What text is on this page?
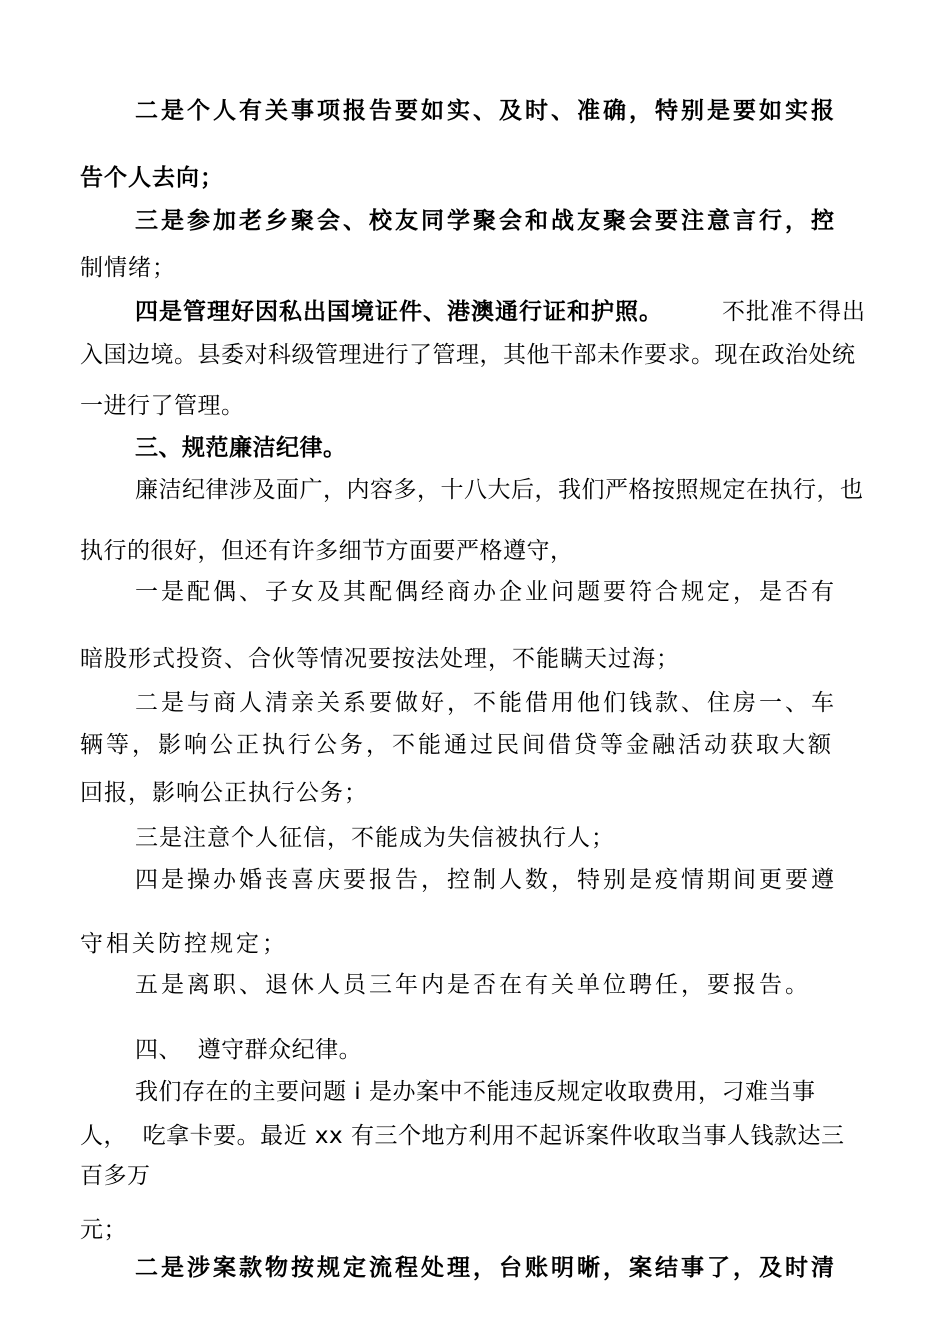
二是个人有关事项报告要如实、及时、准确，特别是要如实报

告个人去向；

三是参加老乡聚会、校友同学聚会和战友聚会要注意言行，控

制情绪；

四是管理好因私出国境证件、港澳通行证和护照。	不批准不得出

入国边境。县委对科级管理进行了管理，其他干部未作要求。现在政治处统

一进行了管理。

三、规范廉洁纪律。

廉洁纪律涉及面广，内容多，十八大后，我们严格按照规定在执行，也

执行的很好，但还有许多细节方面要严格遵守，

一是配偶、子女及其配偶经商办企业问题要符合规定，是否有

暗股形式投资、合伙等情况要按法处理，不能瞒天过海；

二是与商人清亲关系要做好，不能借用他们钱款、住房一、车

辆等，影响公正执行公务，不能通过民间借贷等金融活动获取大额

回报，影响公正执行公务；

三是注意个人征信，不能成为失信被执行人；

四是操办婚丧喜庆要报告，控制人数，特别是疫情期间更要遵

守相关防控规定；

五是离职、退休人员三年内是否在有关单位聘任，要报告。

四、  遵守群众纪律。

我们存在的主要问题 i 是办案中不能违反规定收取费用，刁难当事

人，  吃拿卡要。最近 xx 有三个地方利用不起诉案件收取当事人钱款达三

百多万

元；

二是涉案款物按规定流程处理，台账明晰，案结事了，及时清
